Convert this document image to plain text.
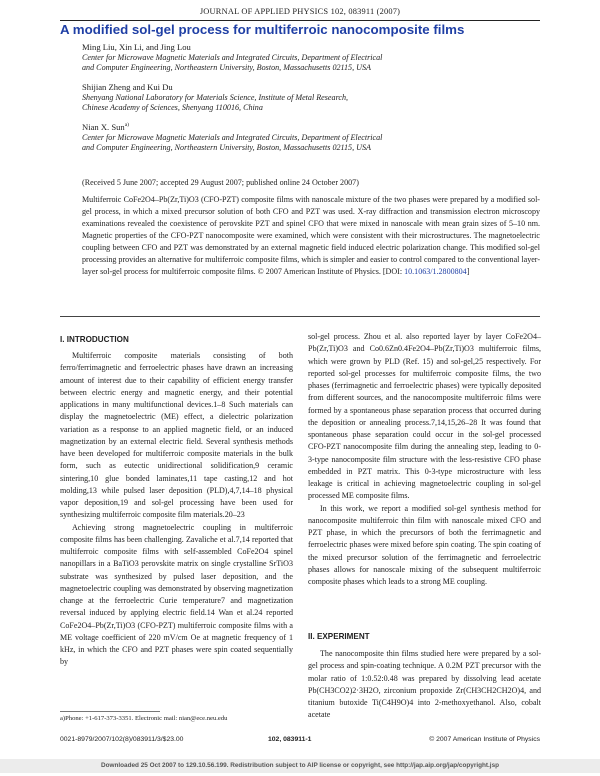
JOURNAL OF APPLIED PHYSICS 102, 083911 (2007)
A modified sol-gel process for multiferroic nanocomposite films
Ming Liu, Xin Li, and Jing Lou
Center for Microwave Magnetic Materials and Integrated Circuits, Department of Electrical
and Computer Engineering, Northeastern University, Boston, Massachusetts 02115, USA
Shijian Zheng and Kui Du
Shenyang National Laboratory for Materials Science, Institute of Metal Research,
Chinese Academy of Sciences, Shenyang 110016, China
Nian X. Sun$^{a)}$
Center for Microwave Magnetic Materials and Integrated Circuits, Department of Electrical
and Computer Engineering, Northeastern University, Boston, Massachusetts 02115, USA
(Received 5 June 2007; accepted 29 August 2007; published online 24 October 2007)
Multiferroic CoFe2O4–Pb(Zr,Ti)O3 (CFO-PZT) composite films with nanoscale mixture of the two phases were prepared by a modified sol-gel process, in which a mixed precursor solution of both CFO and PZT was used. X-ray diffraction and transmission electron microscopy examinations revealed the coexistence of perovskite PZT and spinel CFO that were mixed in nanoscale with mean grain sizes of 5–10 nm. Magnetic properties of the CFO-PZT nanocomposite were examined, which were consistent with their microstructures. The magnetoelectric coupling between CFO and PZT was demonstrated by an external magnetic field induced electric polarization change. This modified sol-gel processing provides an alternative for multiferroic composite films, which is simpler and easier to control compared to the conventional layer-layer sol-gel process for multiferroic composite films. © 2007 American Institute of Physics. [DOI: 10.1063/1.2800804]
I. INTRODUCTION

Multiferroic composite materials consisting of both ferro/ferrimagnetic and ferroelectric phases have drawn an increasing amount of interest due to their capability of efficient energy transfer between electric energy and magnetic energy, and their potential applications in many multifunctional devices.1–8 Such materials can display the magnetoelectric (ME) effect, a dielectric polarization variation as a response to an applied magnetic field, or an induced magnetization by an external electric field. Several synthesis methods have been developed for multiferroic composite materials in the bulk form, such as eutectic unidirectional solidification,9 ceramic sintering,10 glue bonded laminates,11 tape casting,12 and hot molding,13 while pulsed laser deposition (PLD),4,7,14–18 physical vapor deposition,19 and sol-gel processing have been used for synthesizing multiferroic composite film materials.20–23

Achieving strong magnetoelectric coupling in multiferroic composite films has been challenging. Zavaliche et al.7,14 reported that multiferroic composite films with self-assembled CoFe2O4 spinel nanopillars in a BaTiO3 perovskite matrix on single crystalline SrTiO3 substrate was synthesized by pulsed laser deposition, and the magnetoelectric coupling was demonstrated by observing magnetization change at the ferroelectric Curie temperature7 and magnetization reversal induced by applying electric field.14 Wan et al.24 reported CoFe2O4–Pb(Zr,Ti)O3 (CFO-PZT) multiferroic composite films with a ME voltage coefficient of 220 mV/cm Oe at magnetic frequency of 1 kHz, in which the CFO and PZT phases were spin coated sequentially by

sol-gel process. Zhou et al. also reported layer by layer CoFe2O4–Pb(Zr,Ti)O3 and Co0.6Zn0.4Fe2O4–Pb(Zr,Ti)O3 multiferroic films, which were grown by PLD (Ref. 15) and sol-gel,25 respectively. For reported sol-gel processes for multiferroic composite films, the two phases (ferrimagnetic and ferroelectric phases) were typically deposited from different sources, and the nanocomposite multiferroic films were formed by a spontaneous phase separation process that occurred during the deposition or annealing process.7,14,15,26–28 It was found that spontaneous phase separation could occur in the sol-gel processed CFO-PZT nanocomposite film during the annealing step, leading to 0-3-type nanocomposite film structure with the less-resistive CFO phase embedded in PZT matrix. This 0-3-type microstructure with less leakage is critical in achieving magnetoelectric coupling in sol-gel processed ME composite films.

In this work, we report a modified sol-gel synthesis method for nanocomposite multiferroic thin film with nanoscale mixed CFO and PZT phase, in which the precursors of both the ferrimagnetic and ferroelectric phases were mixed before spin coating. The spin coating of the mixed precursor solution of the ferrimagnetic and ferroelectric phases allows for nanoscale mixing of the subsequent multiferroic composite phases which leads to a strong ME coupling.

II. EXPERIMENT

The nanocomposite thin films studied here were prepared by a sol-gel process and spin-coating technique. A 0.2M PZT precursor with the molar ratio of 1:0.52:0.48 was prepared by dissolving lead acetate Pb(CH3CO2)2·3H2O, zirconium propoxide Zr(CH3CH2CH2O)4, and titanium butoxide Ti(C4H9O)4 into 2-methoxyethanol. Also, cobalt acetate

a)Phone: +1-617-373-3351. Electronic mail: nian@ece.neu.edu
0021-8979/2007/102(8)/083911/3/$23.00	102, 083911-1	© 2007 American Institute of Physics
Downloaded 25 Oct 2007 to 129.10.56.199. Redistribution subject to AIP license or copyright, see http://jap.aip.org/jap/copyright.jsp
